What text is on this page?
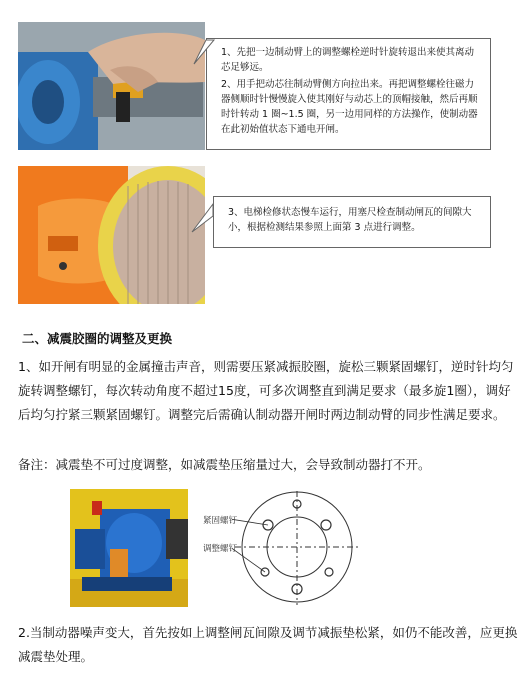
1、先把一边制动臂上的调整螺栓逆时针旋转退出来使其离动芯足够远。
2、用手把动芯往制动臂侧方向拉出来。再把调整螺栓往磁力器侧顺时针慢慢旋入使其刚好与动芯上的顶帽接触，然后再顺时针转动 1 圈~1.5 圈，另一边用同样的方法操作，使制动器在此初始值状态下通电开闸。
3、电梯检修状态慢车运行，用塞尺检查制动闸瓦的间隙大小，根据检测结果参照上面第 3 点进行调整。
二、减震胶圈的调整及更换
1、如开闸有明显的金属撞击声音，则需要压紧减振胶圈，旋松三颗紧固螺钉，逆时针均匀旋转调整螺钉，每次转动角度不超过15度，可多次调整直到满足要求（最多旋1圈），调好后均匀拧紧三颗紧固螺钉。调整完后需确认制动器开闸时两边制动臂的同步性满足要求。
备注：减震垫不可过度调整，如减震垫压缩量过大，会导致制动器打不开。
紧固螺钉
调整螺钉
2.当制动器噪声变大，首先按如上调整闸瓦间隙及调节减振垫松紧，如仍不能改善，应更换减震垫处理。
